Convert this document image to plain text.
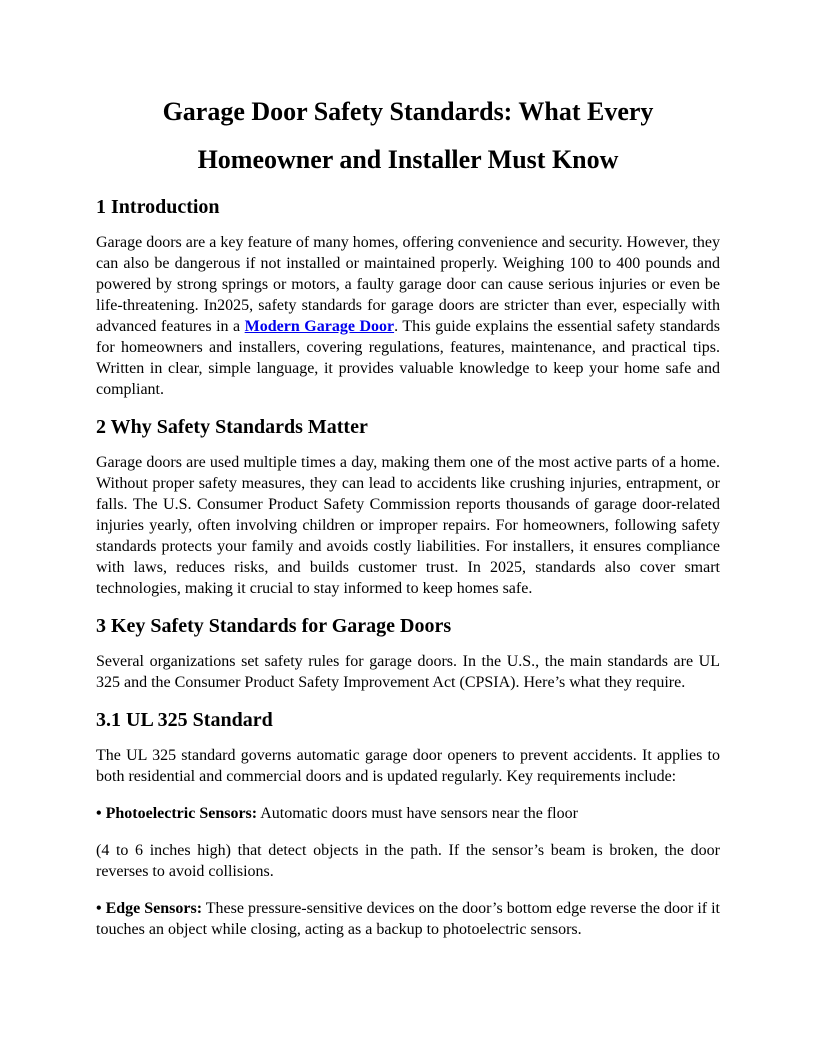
Garage Door Safety Standards: What Every
Homeowner and Installer Must Know
1 Introduction

Garage doors are a key feature of many homes, offering convenience and security. However, they can also be dangerous if not installed or maintained properly. Weighing 100 to 400 pounds and powered by strong springs or motors, a faulty garage door can cause serious injuries or even be life-threatening. In2025, safety standards for garage doors are stricter than ever, especially with advanced features in a Modern Garage Door. This guide explains the essential safety standards for homeowners and installers, covering regulations, features, maintenance, and practical tips. Written in clear, simple language, it provides valuable knowledge to keep your home safe and compliant.

2 Why Safety Standards Matter

Garage doors are used multiple times a day, making them one of the most active parts of a home. Without proper safety measures, they can lead to accidents like crushing injuries, entrapment, or falls. The U.S. Consumer Product Safety Commission reports thousands of garage door-related injuries yearly, often involving children or improper repairs. For homeowners, following safety standards protects your family and avoids costly liabilities. For installers, it ensures compliance with laws, reduces risks, and builds customer trust. In 2025, standards also cover smart technologies, making it crucial to stay informed to keep homes safe.

3 Key Safety Standards for Garage Doors

Several organizations set safety rules for garage doors. In the U.S., the main standards are UL 325 and the Consumer Product Safety Improvement Act (CPSIA). Here’s what they require.

3.1 UL 325 Standard

The UL 325 standard governs automatic garage door openers to prevent accidents. It applies to both residential and commercial doors and is updated regularly. Key requirements include:

• Photoelectric Sensors: Automatic doors must have sensors near the floor

(4 to 6 inches high) that detect objects in the path. If the sensor’s beam is broken, the door reverses to avoid collisions.

• Edge Sensors: These pressure-sensitive devices on the door’s bottom edge reverse the door if it touches an object while closing, acting as a backup to photoelectric sensors.
